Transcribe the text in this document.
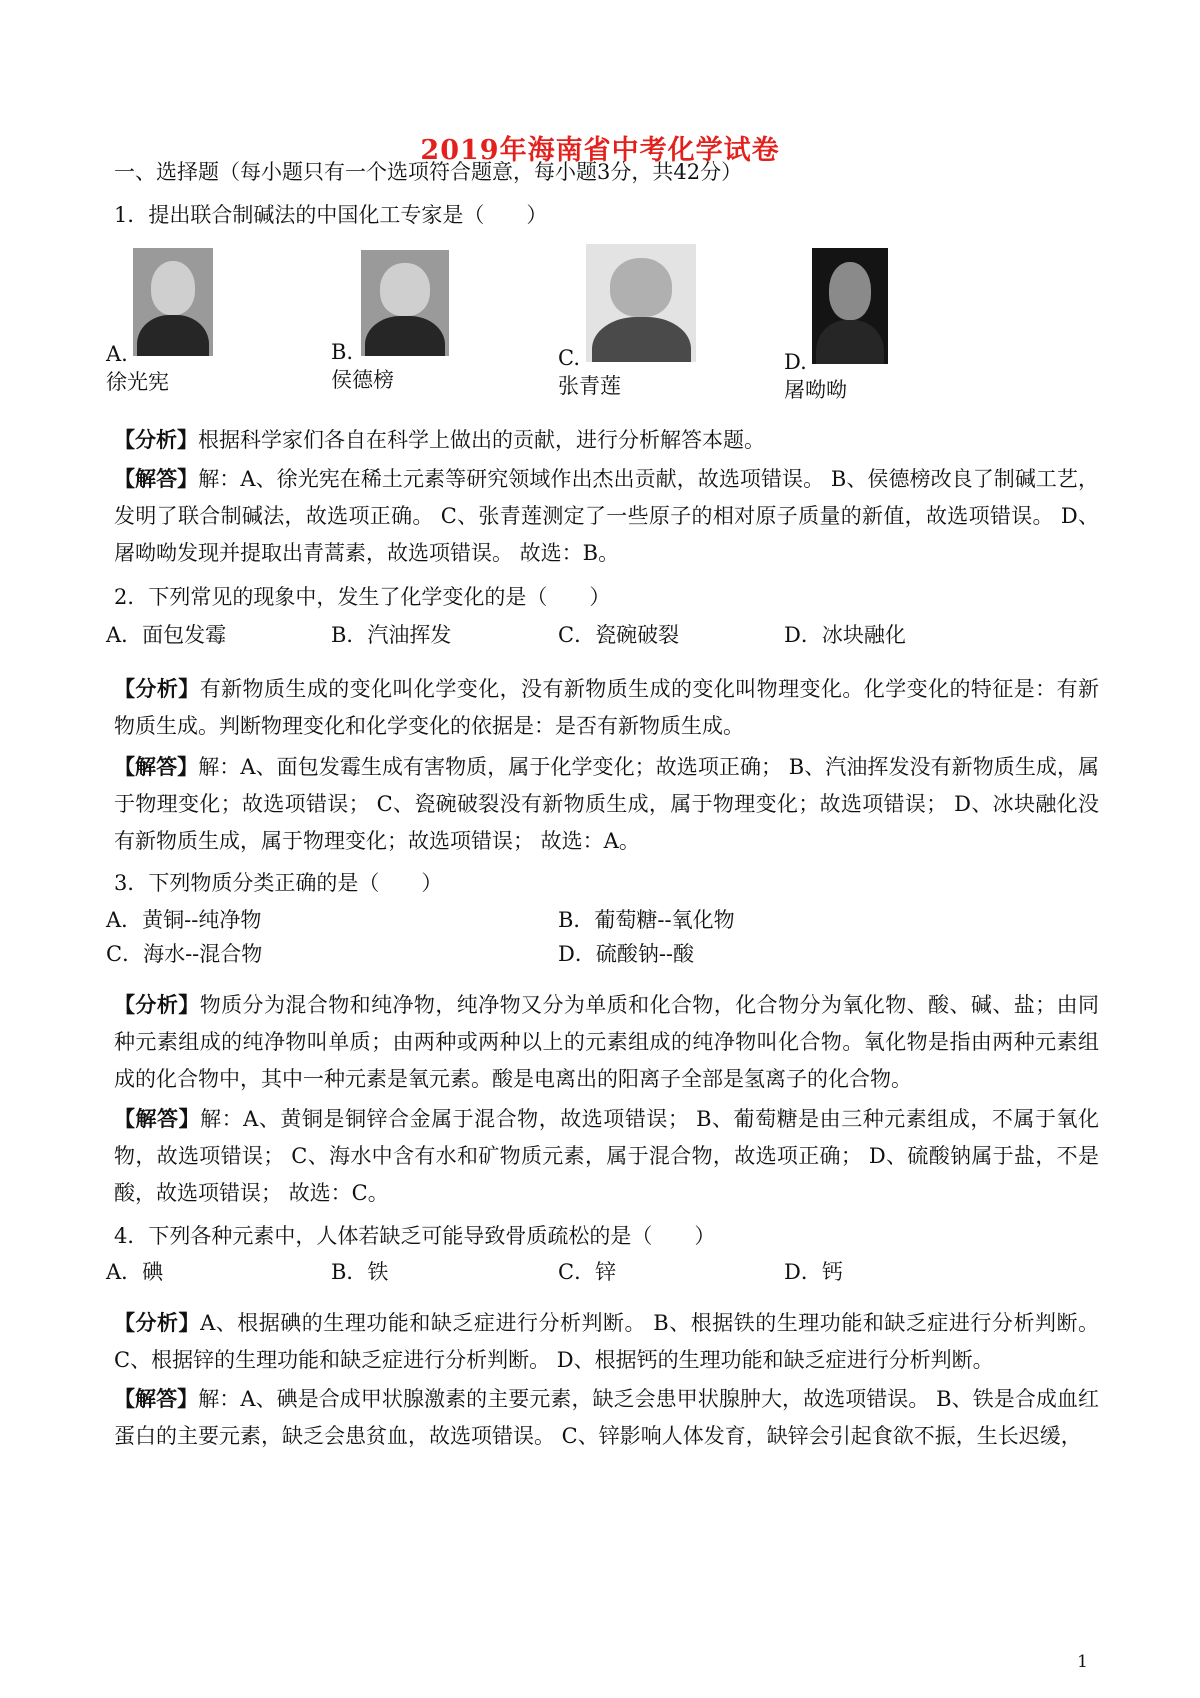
2019年海南省中考化学试卷
一、选择题（每小题只有一个选项符合题意，每小题3分，共42分）
1．提出联合制碱法的中国化工专家是（　　）
A.
徐光宪
B.
侯德榜
C.
张青莲
D.
屠呦呦
【分析】根据科学家们各自在科学上做出的贡献，进行分析解答本题。
【解答】解：A、徐光宪在稀土元素等研究领域作出杰出贡献，故选项错误。 B、侯德榜改良了制碱工艺，发明了联合制碱法，故选项正确。 C、张青莲测定了一些原子的相对原子质量的新值，故选项错误。 D、屠呦呦发现并提取出青蒿素，故选项错误。 故选：B。
2．下列常见的现象中，发生了化学变化的是（　　）
A．面包发霉	B．汽油挥发	C．瓷碗破裂	D．冰块融化
【分析】有新物质生成的变化叫化学变化，没有新物质生成的变化叫物理变化。化学变化的特征是：有新物质生成。判断物理变化和化学变化的依据是：是否有新物质生成。
【解答】解：A、面包发霉生成有害物质，属于化学变化；故选项正确； B、汽油挥发没有新物质生成，属于物理变化；故选项错误； C、瓷碗破裂没有新物质生成，属于物理变化；故选项错误； D、冰块融化没有新物质生成，属于物理变化；故选项错误； 故选：A。
3．下列物质分类正确的是（　　）
A．黄铜--纯净物	B．葡萄糖--氧化物
C．海水--混合物	D．硫酸钠--酸
【分析】物质分为混合物和纯净物，纯净物又分为单质和化合物，化合物分为氧化物、酸、碱、盐；由同种元素组成的纯净物叫单质；由两种或两种以上的元素组成的纯净物叫化合物。氧化物是指由两种元素组成的化合物中，其中一种元素是氧元素。酸是电离出的阳离子全部是氢离子的化合物。
【解答】解：A、黄铜是铜锌合金属于混合物，故选项错误； B、葡萄糖是由三种元素组成，不属于氧化物，故选项错误； C、海水中含有水和矿物质元素，属于混合物，故选项正确； D、硫酸钠属于盐，不是酸，故选项错误； 故选：C。
4．下列各种元素中，人体若缺乏可能导致骨质疏松的是（　　）
A．碘	B．铁	C．锌	D．钙
【分析】A、根据碘的生理功能和缺乏症进行分析判断。 B、根据铁的生理功能和缺乏症进行分析判断。 C、根据锌的生理功能和缺乏症进行分析判断。 D、根据钙的生理功能和缺乏症进行分析判断。
【解答】解：A、碘是合成甲状腺激素的主要元素，缺乏会患甲状腺肿大，故选项错误。 B、铁是合成血红蛋白的主要元素，缺乏会患贫血，故选项错误。 C、锌影响人体发育，缺锌会引起食欲不振，生长迟缓，
1
